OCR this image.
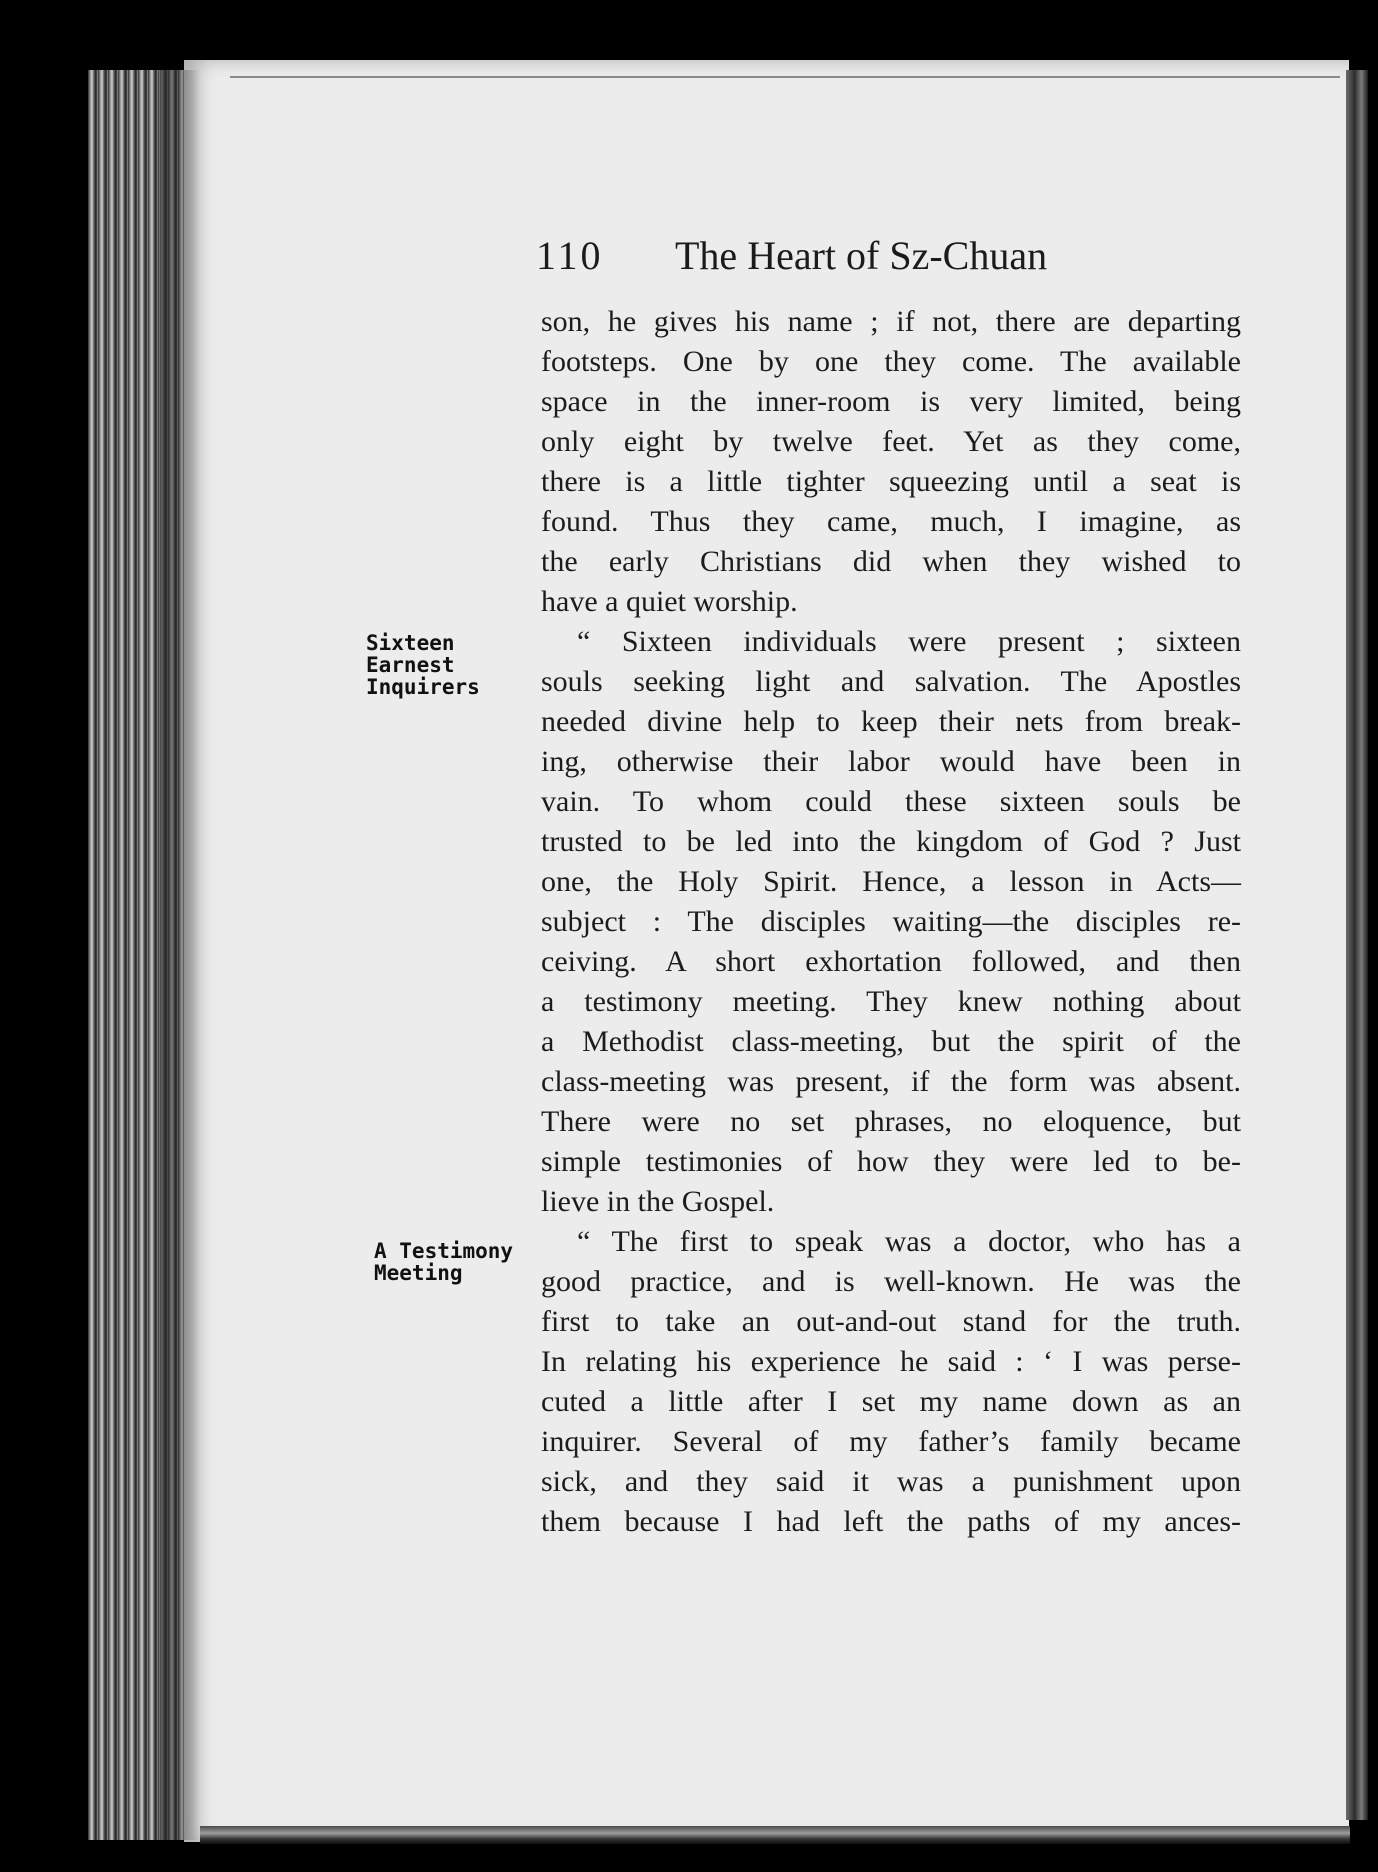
110 The Heart of Sz-Chuan
Sixteen
Earnest
Inquirers
A Testimony
Meeting
son, he gives his name ; if not, there are departing
footsteps. One by one they come. The available
space in the inner-room is very limited, being
only eight by twelve feet. Yet as they come,
there is a little tighter squeezing until a seat is
found. Thus they came, much, I imagine, as
the early Christians did when they wished to
have a quiet worship.
“ Sixteen individuals were present ; sixteen
souls seeking light and salvation. The Apostles
needed divine help to keep their nets from break-
ing, otherwise their labor would have been in
vain. To whom could these sixteen souls be
trusted to be led into the kingdom of God ? Just
one, the Holy Spirit. Hence, a lesson in Acts—
subject : The disciples waiting—the disciples re-
ceiving. A short exhortation followed, and then
a testimony meeting. They knew nothing about
a Methodist class-meeting, but the spirit of the
class-meeting was present, if the form was absent.
There were no set phrases, no eloquence, but
simple testimonies of how they were led to be-
lieve in the Gospel.
“ The first to speak was a doctor, who has a
good practice, and is well-known. He was the
first to take an out-and-out stand for the truth.
In relating his experience he said : ‘ I was perse-
cuted a little after I set my name down as an
inquirer. Several of my father’s family became
sick, and they said it was a punishment upon
them because I had left the paths of my ances-
